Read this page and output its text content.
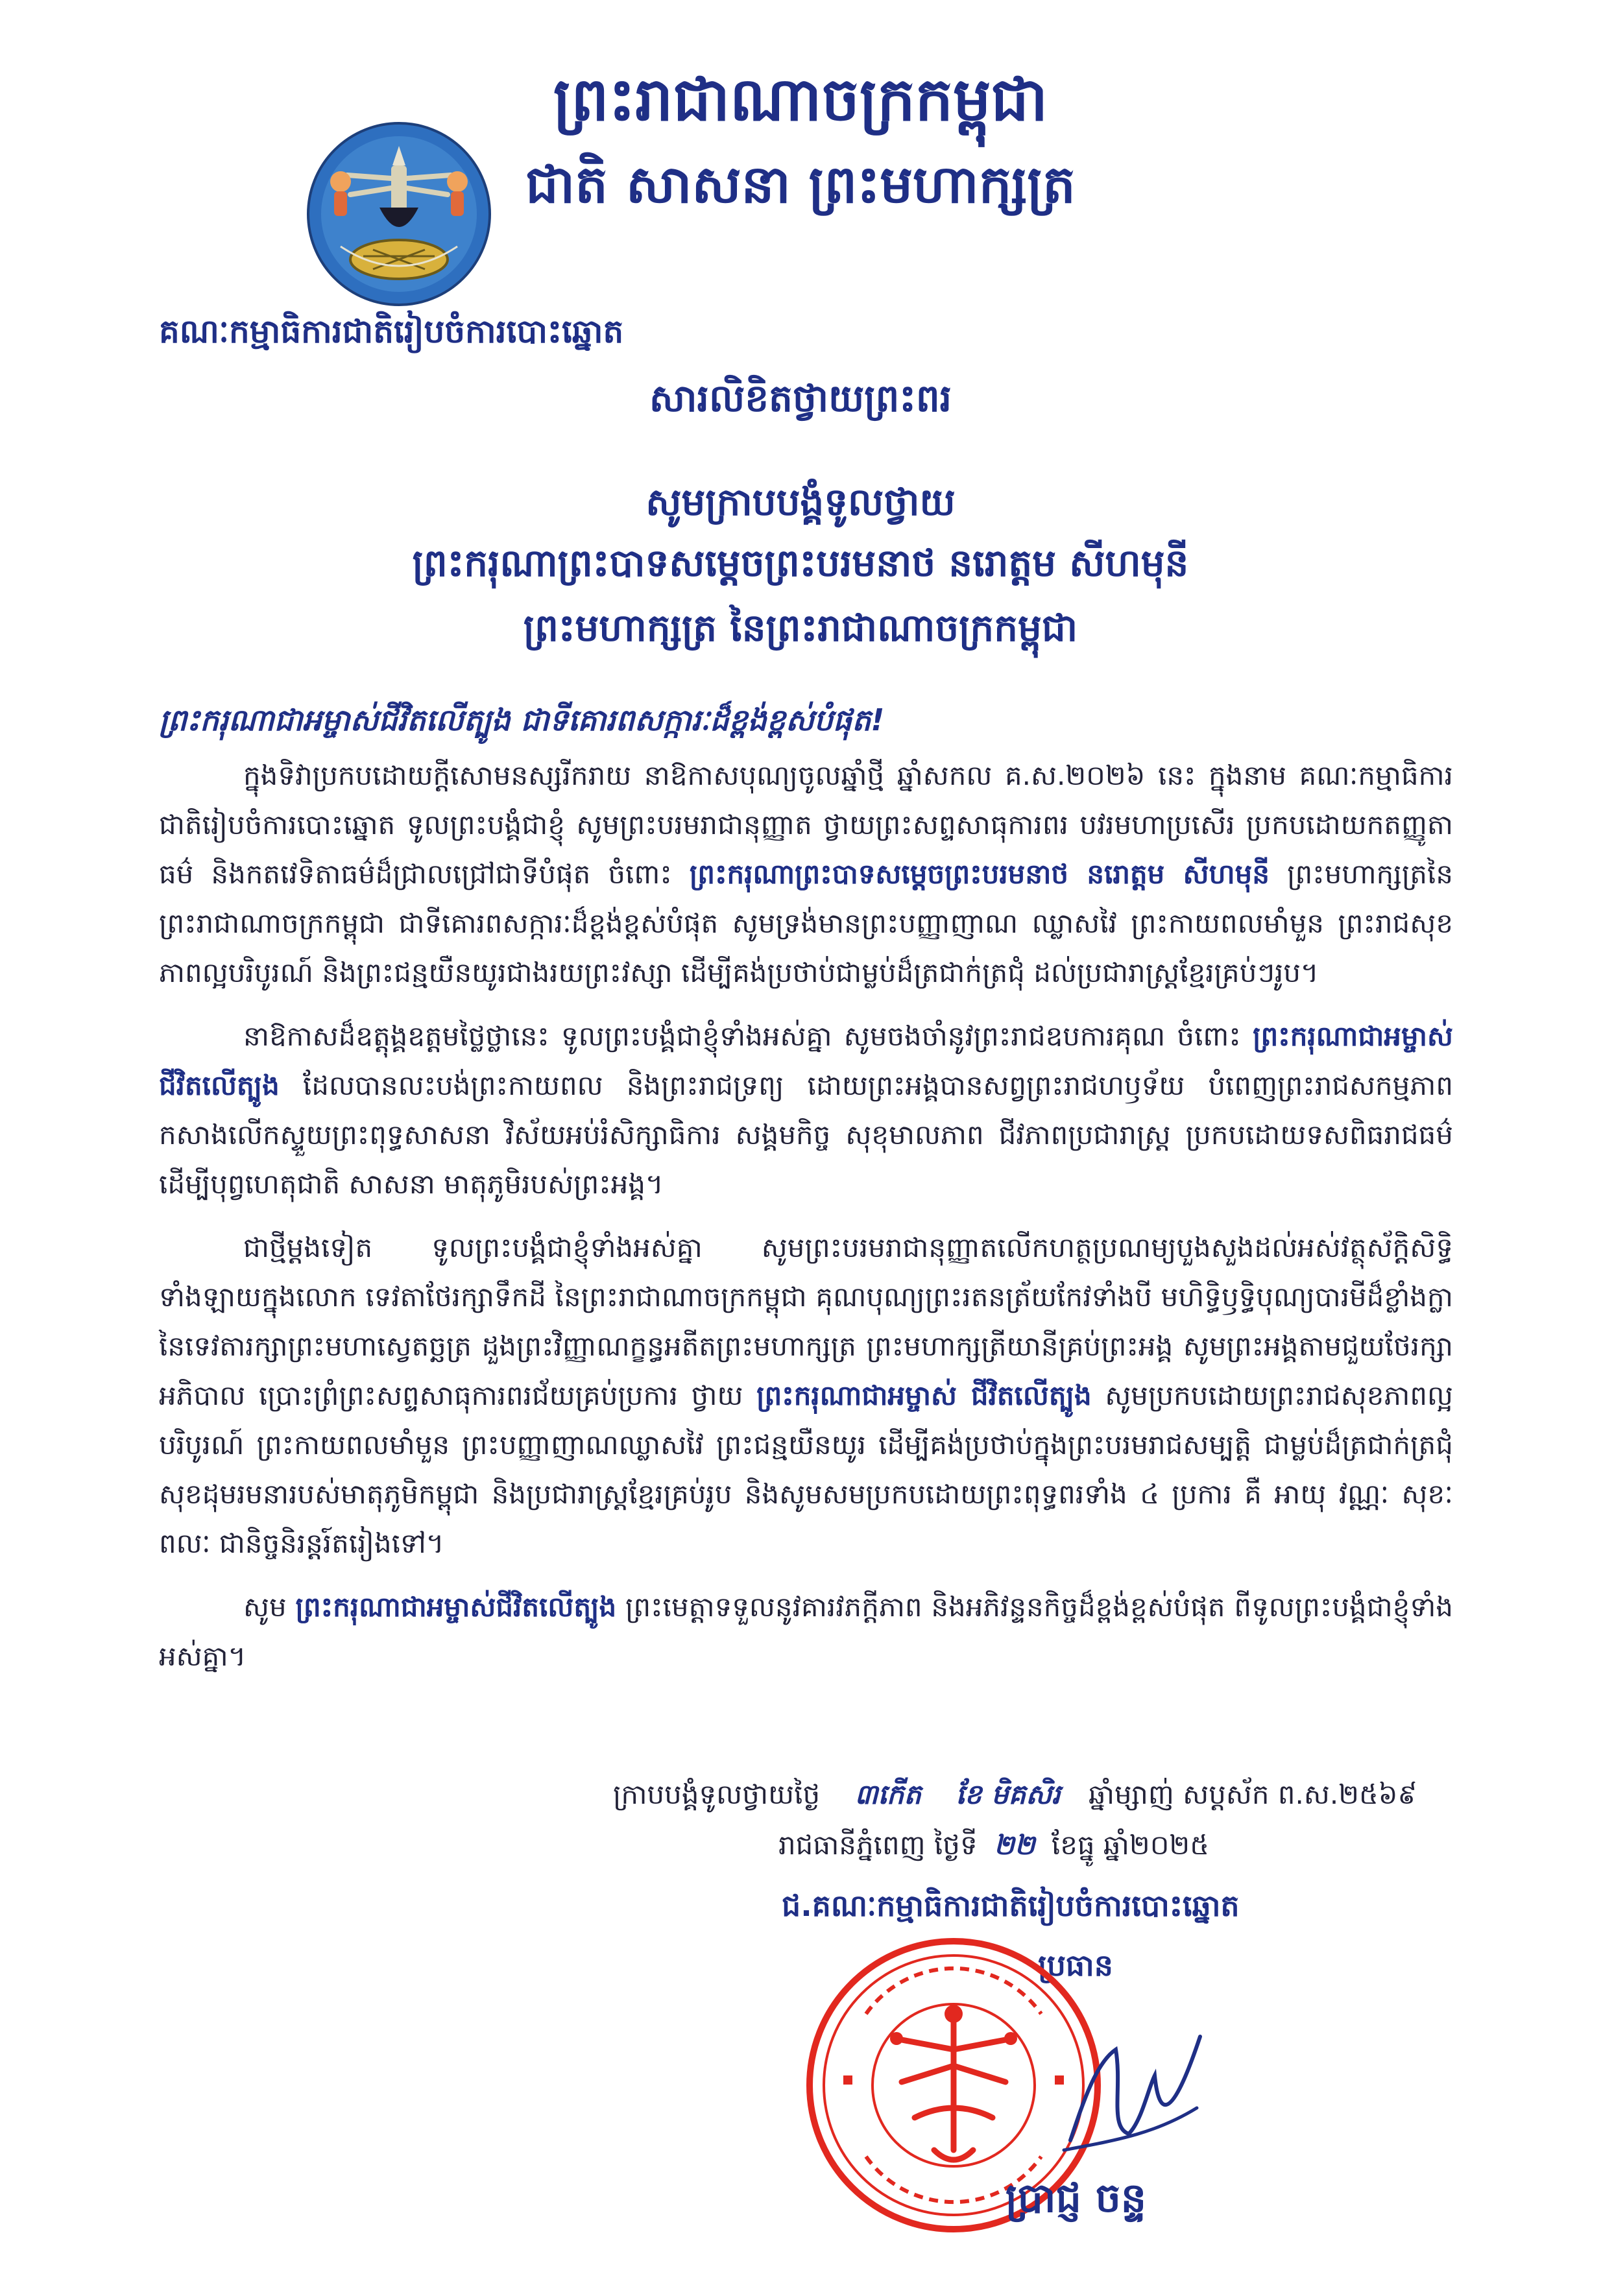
ព្រះរាជាណាចក្រកម្ពុជា
ជាតិ សាសនា ព្រះមហាក្សត្រ
គណៈកម្មាធិការជាតិរៀបចំការបោះឆ្នោត
សារលិខិតថ្វាយព្រះពរ
សូមក្រាបបង្គំទូលថ្វាយ
ព្រះករុណាព្រះបាទសម្តេចព្រះបរមនាថ នរោត្តម សីហមុនី
ព្រះមហាក្សត្រ នៃព្រះរាជាណាចក្រកម្ពុជា
ព្រះករុណាជាអម្ចាស់ជីវិតលើត្បូង ជាទីគោរពសក្ការៈដ៏ខ្ពង់ខ្ពស់បំផុត!

ក្នុងទិវាប្រកបដោយក្តីសោមនស្សរីករាយ នាឱកាសបុណ្យចូលឆ្នាំថ្មី ឆ្នាំសកល គ.ស.២០២៦ នេះ ក្នុងនាម គណៈកម្មាធិការជាតិរៀបចំការបោះឆ្នោត ទូលព្រះបង្គំជាខ្ញុំ សូមព្រះបរមរាជានុញ្ញាត ថ្វាយព្រះសព្ទសាធុការពរ បវរមហាប្រសើរ ប្រកបដោយកតញ្ញូតាធម៌ និងកតវេទិតាធម៌ដ៏ជ្រាលជ្រៅជាទីបំផុត ចំពោះ ព្រះករុណាព្រះបាទសម្តេចព្រះបរមនាថ នរោត្តម សីហមុនី ព្រះមហាក្សត្រនៃព្រះរាជាណាចក្រកម្ពុជា ជាទីគោរពសក្ការៈដ៏ខ្ពង់ខ្ពស់បំផុត សូមទ្រង់មានព្រះបញ្ញាញាណ ឈ្លាសវៃ ព្រះកាយពលមាំមួន ព្រះរាជសុខភាពល្អបរិបូរណ៍ និងព្រះជន្មយឺនយូរជាងរយព្រះវស្សា ដើម្បីគង់ប្រថាប់ជាម្លប់ដ៏ត្រជាក់ត្រជុំ ដល់ប្រជារាស្ត្រខ្មែរគ្រប់ៗរូប។

នាឱកាសដ៏ឧត្តុង្គឧត្តមថ្លៃថ្លានេះ ទូលព្រះបង្គំជាខ្ញុំទាំងអស់គ្នា សូមចងចាំនូវព្រះរាជឧបការគុណ ចំពោះ ព្រះករុណាជាអម្ចាស់ជីវិតលើត្បូង ដែលបានលះបង់ព្រះកាយពល និងព្រះរាជទ្រព្យ ដោយព្រះអង្គបានសព្វព្រះរាជហឫទ័យ បំពេញព្រះរាជសកម្មភាព កសាងលើកស្ទួយព្រះពុទ្ធសាសនា វិស័យអប់រំសិក្សាធិការ សង្គមកិច្ច សុខុមាលភាព ជីវភាពប្រជារាស្ត្រ ប្រកបដោយទសពិធរាជធម៌ ដើម្បីបុព្វហេតុជាតិ សាសនា មាតុភូមិរបស់ព្រះអង្គ។

ជាថ្មីម្តងទៀត ទូលព្រះបង្គំជាខ្ញុំទាំងអស់គ្នា សូមព្រះបរមរាជានុញ្ញាតលើកហត្ថប្រណម្យបួងសួងដល់អស់វត្ថុស័ក្តិសិទ្ធិទាំងឡាយក្នុងលោក ទេវតាថែរក្សាទឹកដី នៃព្រះរាជាណាចក្រកម្ពុជា គុណបុណ្យព្រះរតនត្រ័យកែវទាំងបី មហិទ្ធិឫទ្ធិបុណ្យបារមីដ៏ខ្លាំងក្លានៃទេវតារក្សាព្រះមហាស្វេតច្ឆត្រ ដួងព្រះវិញ្ញាណក្ខន្ធអតីតព្រះមហាក្សត្រ ព្រះមហាក្សត្រីយានីគ្រប់ព្រះអង្គ សូមព្រះអង្គតាមជួយថែរក្សាអភិបាល ប្រោះព្រំព្រះសព្ទសាធុការពរជ័យគ្រប់ប្រការ ថ្វាយ ព្រះករុណាជាអម្ចាស់ ជីវិតលើត្បូង សូមប្រកបដោយព្រះរាជសុខភាពល្អបរិបូរណ៍ ព្រះកាយពលមាំមួន ព្រះបញ្ញាញាណឈ្លាសវៃ ព្រះជន្មយឺនយូរ ដើម្បីគង់ប្រថាប់ក្នុងព្រះបរមរាជសម្បត្តិ ជាម្លប់ដ៏ត្រជាក់ត្រជុំសុខដុមរមនារបស់មាតុភូមិកម្ពុជា និងប្រជារាស្ត្រខ្មែរគ្រប់រូប និងសូមសមប្រកបដោយព្រះពុទ្ធពរទាំង ៤ ប្រការ គឺ អាយុ វណ្ណៈ សុខៈ ពលៈ ជានិច្ចនិរន្តរ៍តរៀងទៅ។

សូម ព្រះករុណាជាអម្ចាស់ជីវិតលើត្បូង ព្រះមេត្តាទទួលនូវគារវភក្តីភាព និងអភិវន្ទនកិច្ចដ៏ខ្ពង់ខ្ពស់បំផុត ពីទូលព្រះបង្គំជាខ្ញុំទាំងអស់គ្នា។

ក្រាបបង្គំទូលថ្វាយថ្ងៃ ៣កើត ខែ មិគសិរ ឆ្នាំម្សាញ់ សប្តស័ក ព.ស.២៥៦៩
រាជធានីភ្នំពេញ ថ្ងៃទី ២២ ខែធ្នូ ឆ្នាំ២០២៥
ជ.គណៈកម្មាធិការជាតិរៀបចំការបោះឆ្នោត
ប្រធាន
ប្រាជ្ញ ចន្ទ
